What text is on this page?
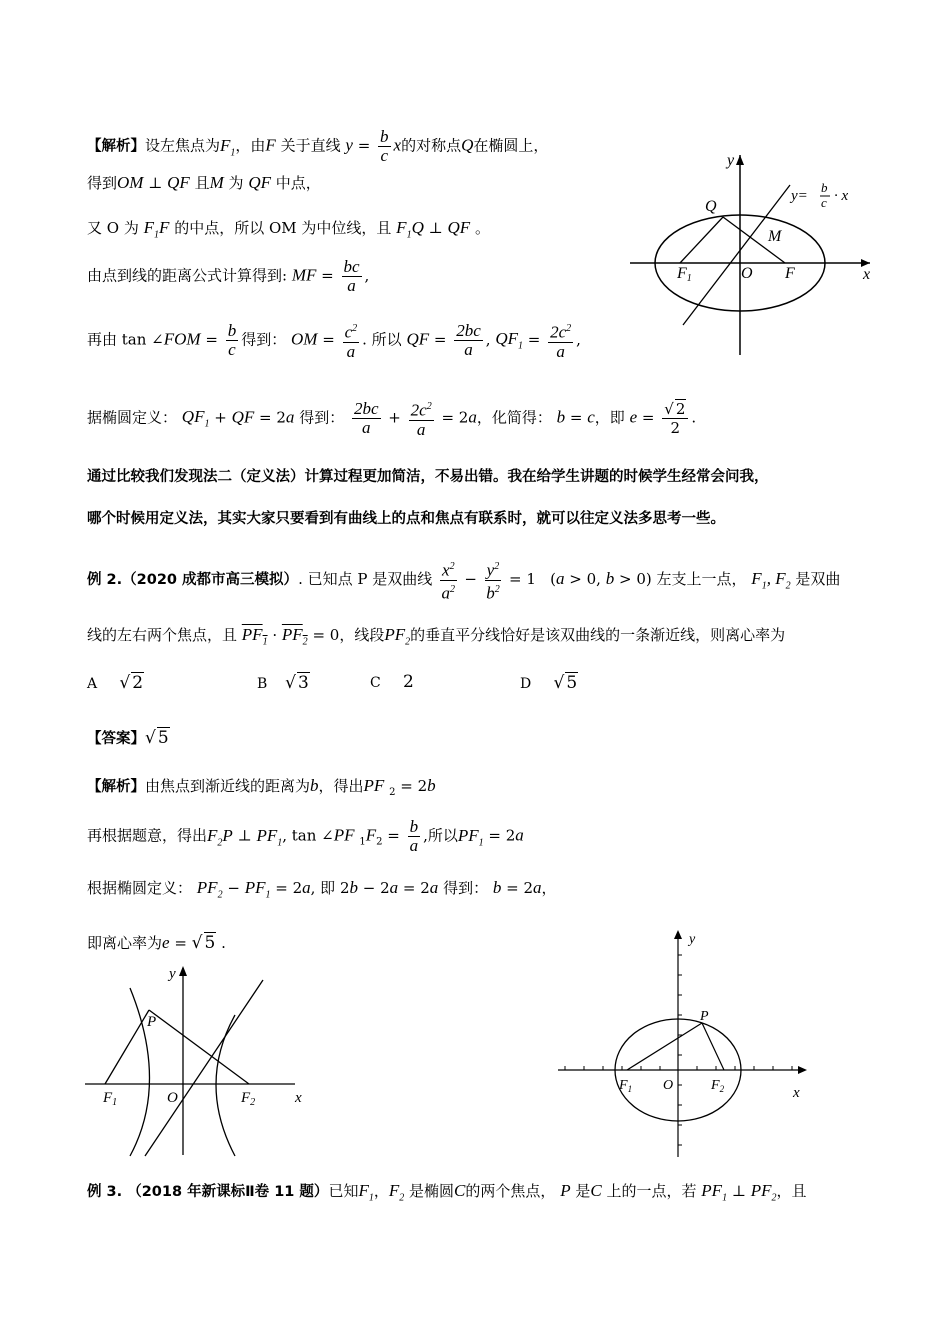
【解析】设左焦点为$F_1$，由F 关于直线 $y = \frac{b}{c}$ x的对称点Q在椭圆上，
得到OM ⊥ QF 且M 为 QF 中点，
又 O 为 $F_1F$ 的中点，所以 OM 为中位线，且 $F_1Q$ ⊥ QF 。
由点到线的距离公式计算得到: MF = $\frac{bc}{a}$ ,
再由 tan ∠FOM = $\frac{b}{c}$ 得到： OM = $\frac{c^2}{a}$ . 所以 QF = $\frac{2bc}{a}$ , $QF_1 = \frac{2c^2}{a}$ ,
据椭圆定义： $QF_1$ + QF = 2a 得到： $\frac{2bc}{a} + \frac{2c^2}{a} = 2a$，化简得： b = c，即 $e = \frac{√ 2}{2}$ .
y
x
Q
M
O F
F1
y=
b
c · x
通过比较我们发现法二（定义法）计算过程更加简洁，不易出错。我在给学生讲题的时候学生经常会问我，
哪个时候用定义法，其实大家只要看到有曲线上的点和焦点有联系时，就可以往定义法多思考一些。
例 2.（2020 成都市高三模拟）. 已知点 P 是双曲线 $\frac{x^2}{a^2} - \frac{y^2}{b^2} = 1$   (a > 0, b > 0) 左支上一点， $F_1$, $F_2$ 是双曲
线的左右两个焦点，且 $PF_1 \cdot PF_2 = 0$，线段$PF_2$的垂直平分线恰好是该双曲线的一条渐近线，则离心率为
A √ 2	B √ 3	C 2	D √ 5
【答案】√ 5
【解析】由焦点到渐近线的距离为b，得出PF $_2$ = 2b
再根据题意，得出$F_2P$ ⊥ $PF_1$, tan ∠PF $_1F_2 = \frac{b}{a}$ ,所以$PF_1 = 2a$
根据椭圆定义： $PF_2 - PF_1 = 2a$, 即 2b − 2a = 2a 得到： b = 2a，
即离心率为e = √ 5 .
y
x
P
O
$F_1$	$F_2$
y
x
P
O
$F_1$	$F_2$
例 3. （2018 年新课标Ⅱ卷 11 题）已知$F_1$，$F_2$ 是椭圆C的两个焦点， P 是C 上的一点，若 $PF_1$ ⊥ $PF_2$，且
